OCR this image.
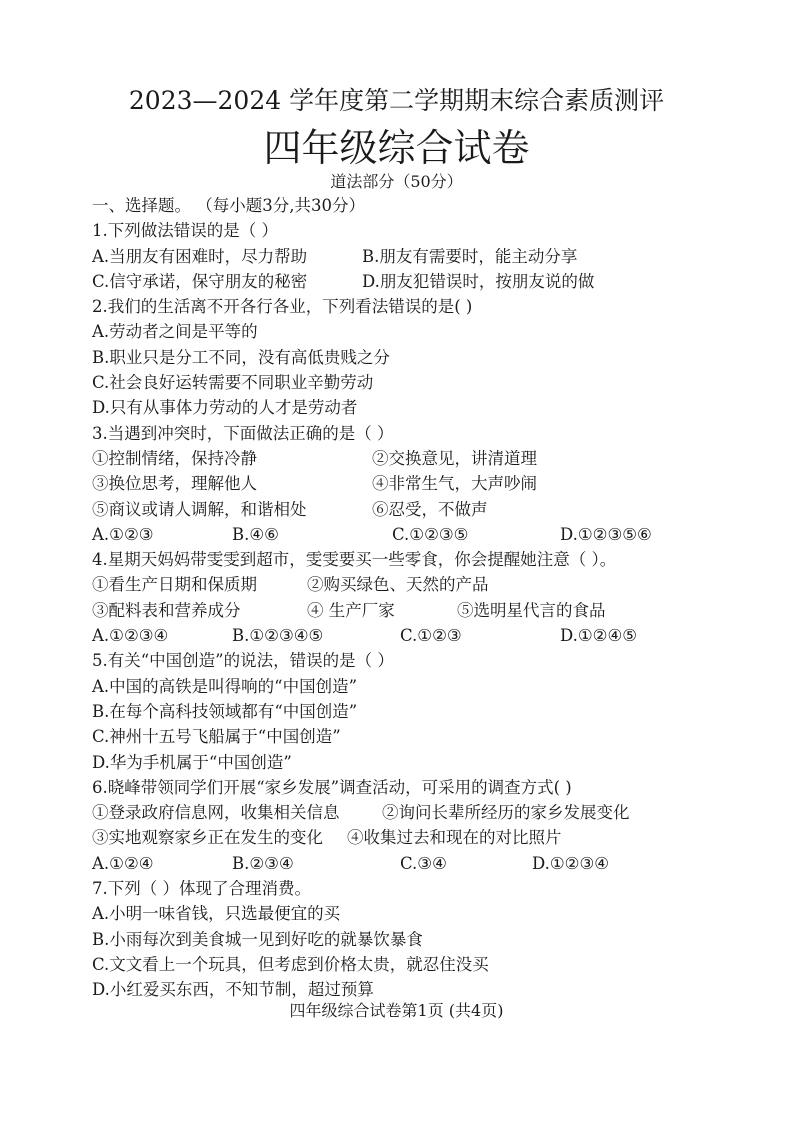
2023—2024 学年度第二学期期末综合素质测评
四年级综合试卷
道法部分（50分）
一、选择题。 （每小题3分,共30分）
1.下列做法错误的是（ ）
A.当朋友有困难时，尽力帮助	B.朋友有需要时，能主动分享
C.信守承诺，保守朋友的秘密	D.朋友犯错误时，按朋友说的做
2.我们的生活离不开各行各业，下列看法错误的是( )
A.劳动者之间是平等的
B.职业只是分工不同，没有高低贵贱之分
C.社会良好运转需要不同职业辛勤劳动
D.只有从事体力劳动的人才是劳动者
3.当遇到冲突时，下面做法正确的是（ ）
①控制情绪，保持冷静	②交换意见，讲清道理
③换位思考，理解他人	④非常生气，大声吵闹
⑤商议或请人调解，和谐相处	⑥忍受，不做声
A.①②③	B.④⑥	C.①②③⑤	D.①②③⑤⑥
4.星期天妈妈带雯雯到超市，雯雯要买一些零食，你会提醒她注意（ ）。
①看生产日期和保质期	②购买绿色、天然的产品
③配料表和营养成分	④ 生产厂家	⑤选明星代言的食品
A.①②③④	B.①②③④⑤	C.①②③	D.①②④⑤
5.有关“中国创造”的说法，错误的是（ ）
A.中国的高铁是叫得响的“中国创造”
B.在每个高科技领域都有“中国创造”
C.神州十五号飞船属于“中国创造”
D.华为手机属于“中国创造”
6.晓峰带领同学们开展“家乡发展”调查活动，可采用的调查方式( )
①登录政府信息网，收集相关信息	②询问长辈所经历的家乡发展变化
③实地观察家乡正在发生的变化 ④收集过去和现在的对比照片
A.①②④	B.②③④	C.③④	D.①②③④
7.下列（ ）体现了合理消费。
A.小明一味省钱，只选最便宜的买
B.小雨每次到美食城一见到好吃的就暴饮暴食
C.文文看上一个玩具，但考虑到价格太贵，就忍住没买
D.小红爱买东西，不知节制，超过预算
四年级综合试卷第1页 (共4页)
